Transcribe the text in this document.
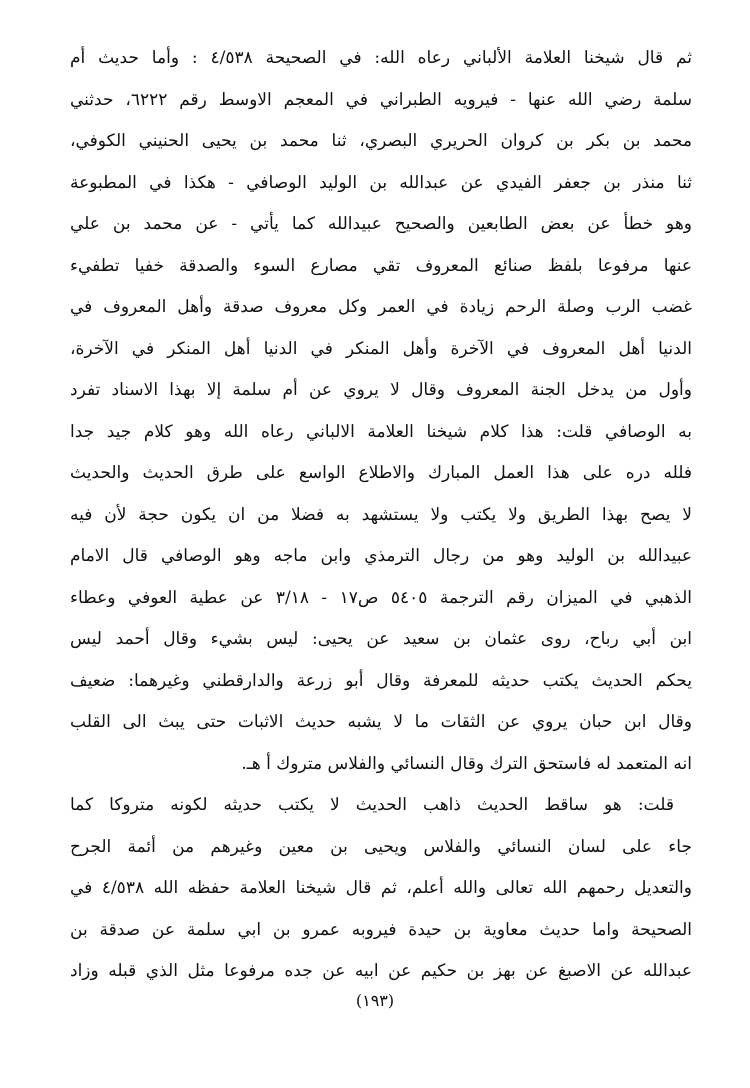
ثم قال شيخنا العلامة الألباني رعاه الله: في الصحيحة ٤/٥٣٨ : وأما حديث أم
سلمة رضي الله عنها - فيرويه الطبراني في المعجم الاوسط رقم ٦٢٢٢، حدثني
محمد بن بكر بن كروان الحريري البصري، ثنا محمد بن يحيى الحنيني الكوفي،
ثنا منذر بن جعفر الفيدي عن عبدالله بن الوليد الوصافي - هكذا في المطبوعة
وهو خطأ عن بعض الطابعين والصحيح عبيدالله كما يأتي - عن محمد بن علي
عنها مرفوعا بلفظ صنائع المعروف تقي مصارع السوء والصدقة خفيا تطفيء
غضب الرب وصلة الرحم زيادة في العمر وكل معروف صدقة وأهل المعروف في
الدنيا أهل المعروف في الآخرة وأهل المنكر في الدنيا أهل المنكر في الآخرة،
وأول من يدخل الجنة المعروف وقال لا يروي عن أم سلمة إلا بهذا الاسناد تفرد
به الوصافي قلت: هذا كلام شيخنا العلامة الالباني رعاه الله وهو كلام جيد جدا
فلله دره على هذا العمل المبارك والاطلاع الواسع على طرق الحديث والحديث
لا يصح بهذا الطريق ولا يكتب ولا يستشهد به فضلا من ان يكون حجة لأن فيه
عبيدالله بن الوليد وهو من رجال الترمذي وابن ماجه وهو الوصافي قال الامام
الذهبي في الميزان رقم الترجمة ٥٤٠٥ ص١٧ - ٣/١٨ عن عطية العوفي وعطاء
ابن أبي رباح، روى عثمان بن سعيد عن يحيى: ليس بشيء وقال أحمد ليس
يحكم الحديث يكتب حديثه للمعرفة وقال أبو زرعة والدارقطني وغيرهما: ضعيف
وقال ابن حبان يروي عن الثقات ما لا يشبه حديث الاثبات حتى يبث الى القلب
انه المتعمد له فاستحق الترك وقال النسائي والفلاس متروك أ هـ.
قلت: هو ساقط الحديث ذاهب الحديث لا يكتب حديثه لكونه متروكا كما
جاء على لسان النسائي والفلاس ويحيى بن معين وغيرهم من أئمة الجرح
والتعديل رحمهم الله تعالى والله أعلم، ثم قال شيخنا العلامة حفظه الله ٤/٥٣٨ في
الصحيحة واما حديث معاوية بن حيدة فيروبه عمرو بن ابي سلمة عن صدقة بن
عبدالله عن الاصبغ عن بهز بن حكيم عن ابيه عن جده مرفوعا مثل الذي قبله وزاد
(١٩٣)
